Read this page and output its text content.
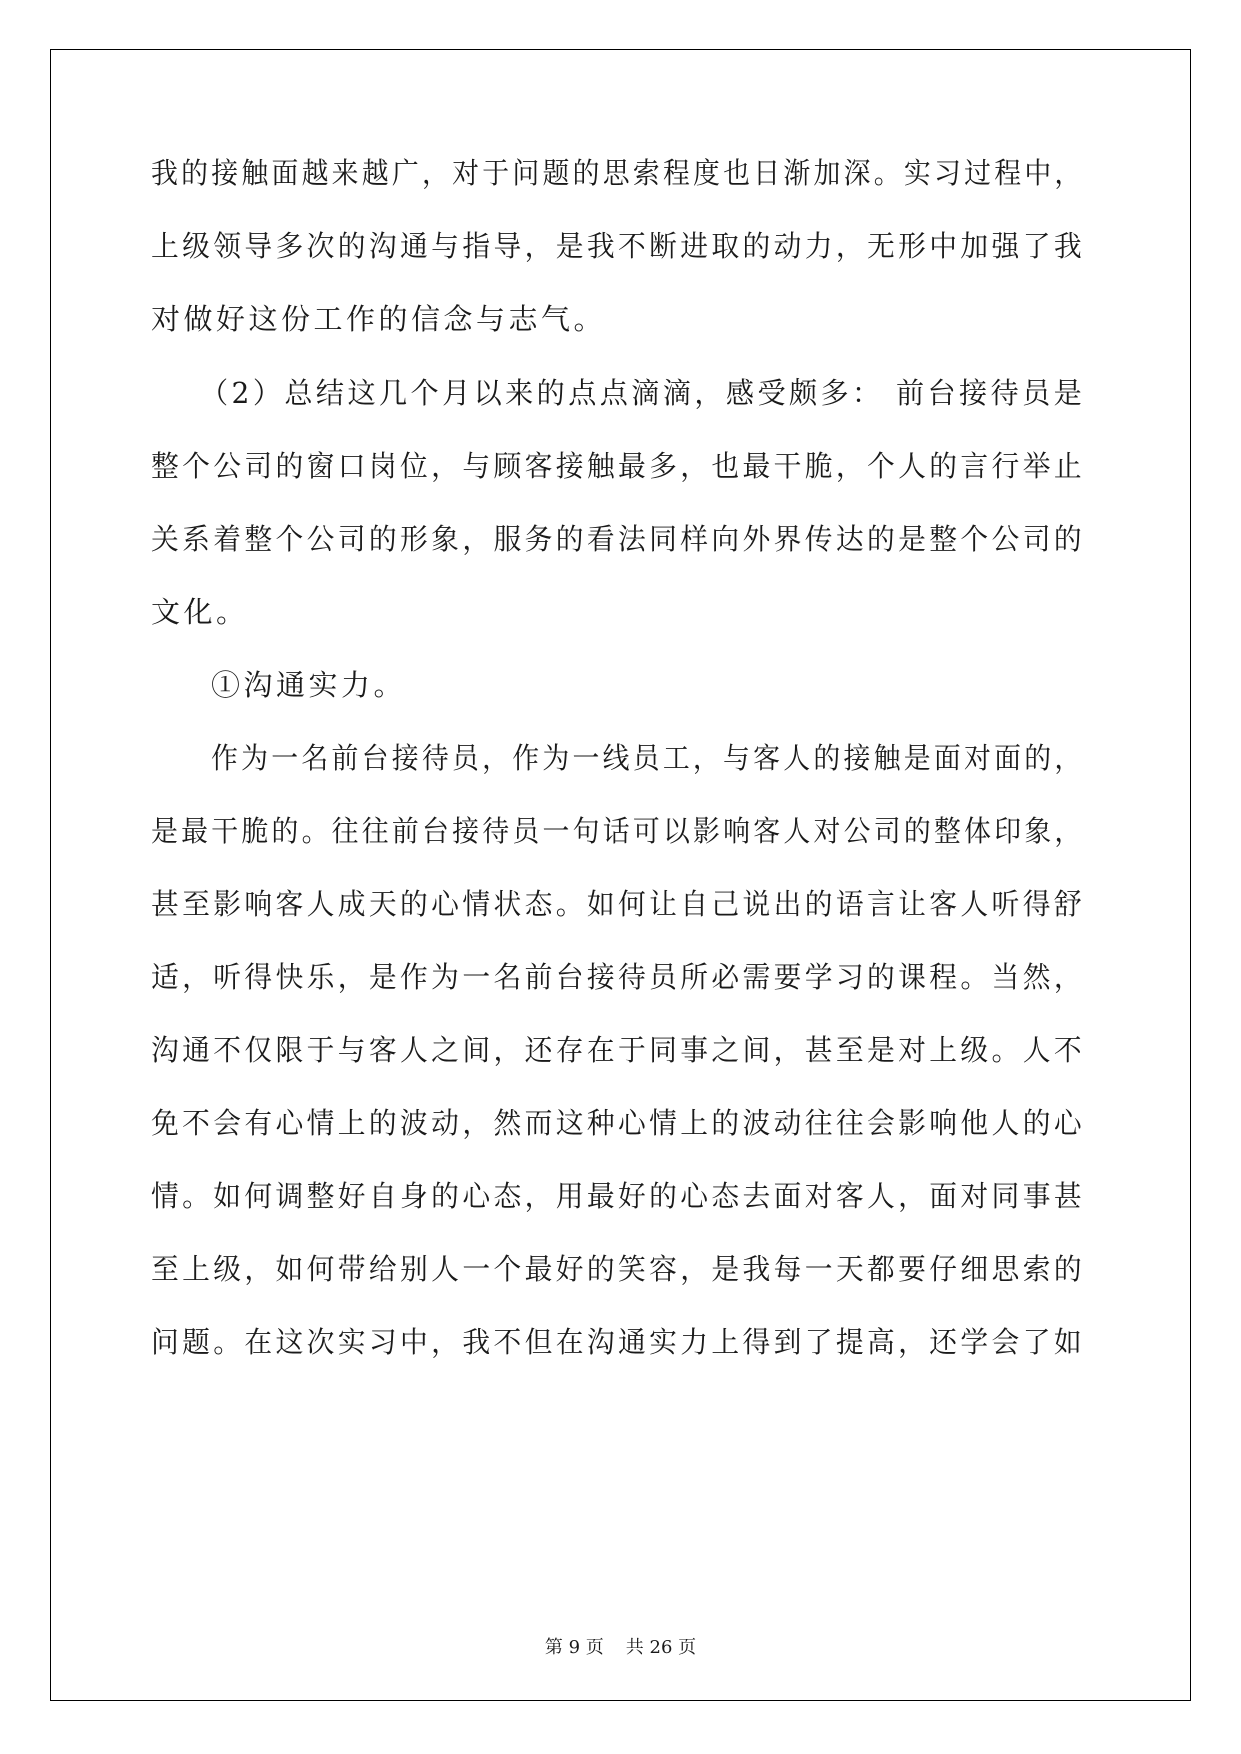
我的接触面越来越广，对于问题的思索程度也日渐加深。实习过程中，
上级领导多次的沟通与指导，是我不断进取的动力，无形中加强了我
对做好这份工作的信念与志气。
（2）总结这几个月以来的点点滴滴，感受颇多： 前台接待员是
整个公司的窗口岗位，与顾客接触最多，也最干脆，个人的言行举止
关系着整个公司的形象，服务的看法同样向外界传达的是整个公司的
文化。
①沟通实力。
作为一名前台接待员，作为一线员工，与客人的接触是面对面的，
是最干脆的。往往前台接待员一句话可以影响客人对公司的整体印象，
甚至影响客人成天的心情状态。如何让自己说出的语言让客人听得舒
适，听得快乐，是作为一名前台接待员所必需要学习的课程。当然，
沟通不仅限于与客人之间，还存在于同事之间，甚至是对上级。人不
免不会有心情上的波动，然而这种心情上的波动往往会影响他人的心
情。如何调整好自身的心态，用最好的心态去面对客人，面对同事甚
至上级，如何带给别人一个最好的笑容，是我每一天都要仔细思索的
问题。在这次实习中，我不但在沟通实力上得到了提高，还学会了如
第 9 页 共 26 页
